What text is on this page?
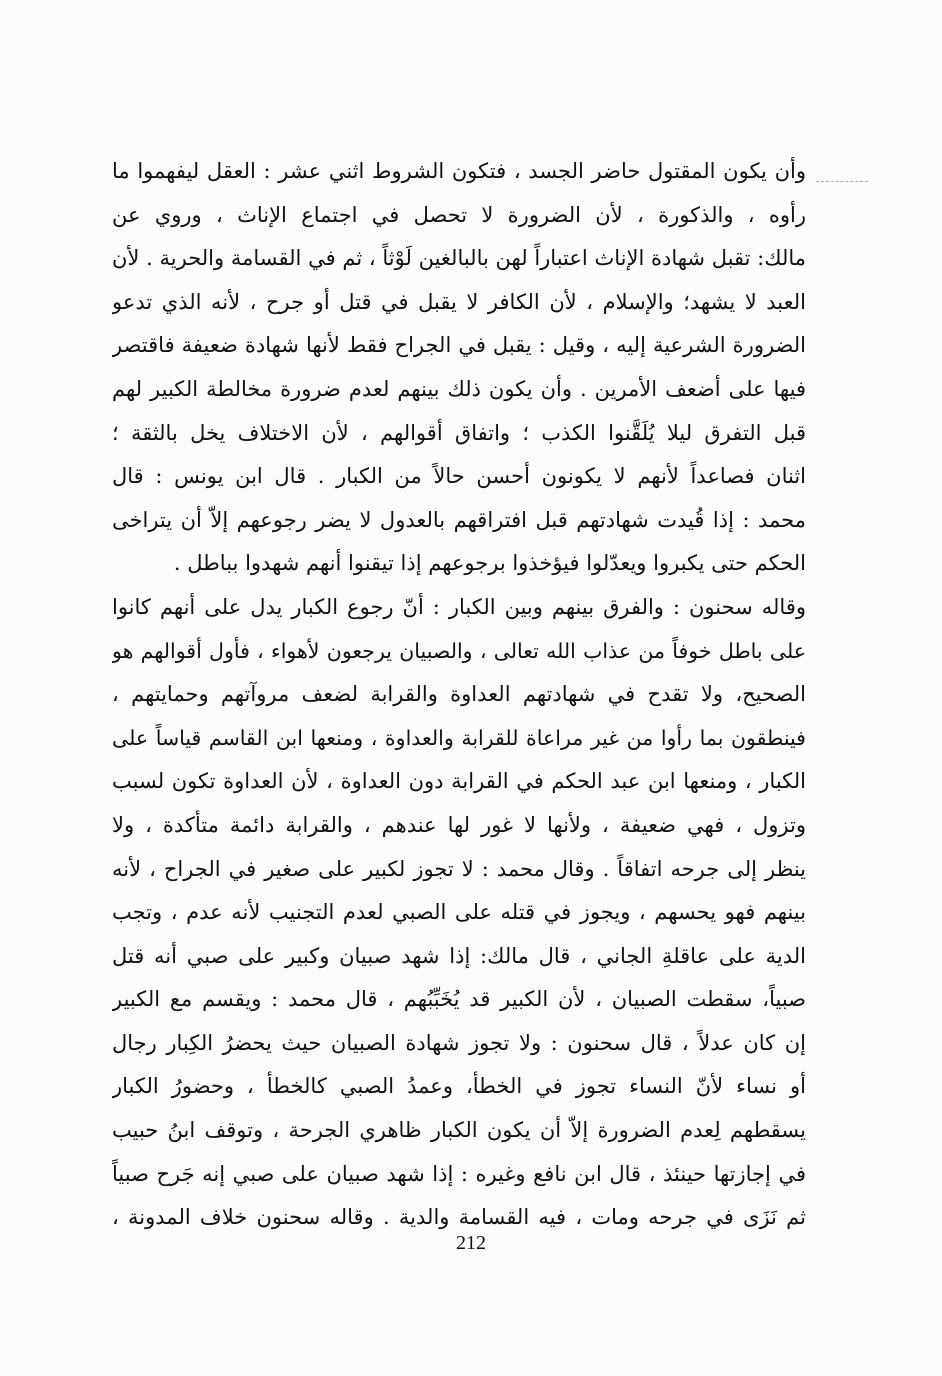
وأن يكون المقتول حاضر الجسد ، فتكون الشروط اثني عشر : العقل ليفهموا ما
رأوه ، والذكورة ، لأن الضرورة لا تحصل في اجتماع الإناث ، وروي عن
مالك: تقبل شهادة الإناث اعتباراً لهن بالبالغين لَوْثاً ، ثم في القسامة والحرية . لأن
العبد لا يشهد؛ والإسلام ، لأن الكافر لا يقبل في قتل أو جرح ، لأنه الذي تدعو
الضرورة الشرعية إليه ، وقيل : يقبل في الجراح فقط لأنها شهادة ضعيفة فاقتصر
فيها على أضعف الأمرين . وأن يكون ذلك بينهم لعدم ضرورة مخالطة الكبير لهم
قبل التفرق ليلا يُلَقَّنوا الكذب ؛ واتفاق أقوالهم ، لأن الاختلاف يخل بالثقة ؛
اثنان فصاعداً لأنهم لا يكونون أحسن حالاً من الكبار . قال ابن يونس : قال
محمد : إذا قُيدت شهادتهم قبل افتراقهم بالعدول لا يضر رجوعهم إلاّ أن يتراخى
الحكم حتى يكبروا ويعدّلوا فيؤخذوا برجوعهم إذا تيقنوا أنهم شهدوا بباطل .
وقاله سحنون : والفرق بينهم وبين الكبار : أنّ رجوع الكبار يدل على أنهم كانوا
على باطل خوفاً من عذاب الله تعالى ، والصبيان يرجعون لأهواء ، فأول أقوالهم هو
الصحيح، ولا تقدح في شهادتهم العداوة والقرابة لضعف مروآتهم وحمايتهم ،
فينطقون بما رأوا من غير مراعاة للقرابة والعداوة ، ومنعها ابن القاسم قياساً على
الكبار ، ومنعها ابن عبد الحكم في القرابة دون العداوة ، لأن العداوة تكون لسبب
وتزول ، فهي ضعيفة ، ولأنها لا غور لها عندهم ، والقرابة دائمة متأكدة ، ولا
ينظر إلى جرحه اتفاقاً . وقال محمد : لا تجوز لكبير على صغير في الجراح ، لأنه
بينهم فهو يحسهم ، ويجوز في قتله على الصبي لعدم التجنيب لأنه عدم ، وتجب
الدية على عاقلةِ الجاني ، قال مالك: إذا شهد صبيان وكبير على صبي أنه قتل
صبياً، سقطت الصبيان ، لأن الكبير قد يُخَبِّبُهم ، قال محمد : ويقسم مع الكبير
إن كان عدلاً ، قال سحنون : ولا تجوز شهادة الصبيان حيث يحضرُ الكِبار رجال
أو نساء لأنّ النساء تجوز في الخطأ، وعمدُ الصبي كالخطأ ، وحضورُ الكبار
يسقطهم لِعدم الضرورة إلاّ أن يكون الكبار ظاهري الجرحة ، وتوقف ابنُ حبيب
في إجازتها حينئذ ، قال ابن نافع وغيره : إذا شهد صبيان على صبي إنه جَرح صبياً
ثم نَزَى في جرحه ومات ، فيه القسامة والدية . وقاله سحنون خلاف المدونة ،
212
